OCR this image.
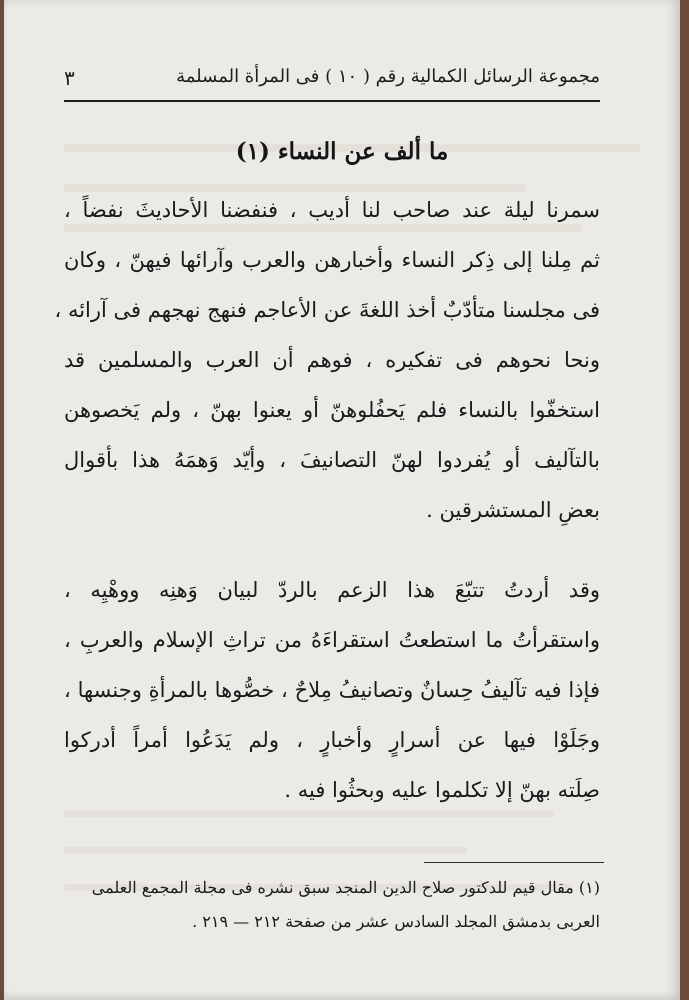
مجموعة الرسائل الكمالية رقم ( ١٠ ) فى المرأة المسلمة
٣
ما ألف عن النساء (١)
سمرنا ليلة عند صاحب لنا أديب ، فنفضنا الأحاديثَ نفضاً ،
ثم مِلنا إلى ذِكر النساء وأخبارهن والعرب وآرائها فيهنّ ، وكان
فى مجلسنا متأدّبٌ أخذ اللغةَ عن الأعاجم فنهج نهجهم فى آرائه ،
ونحا نحوهم فى تفكيره ، فوهم أن العرب والمسلمين قد
استخفّوا بالنساء فلم يَحفُلوهنّ أو يعنوا بهنّ ، ولم يَخصوهن
بالتآليف أو يُفردوا لهنّ التصانيفَ ، وأيّد وَهمَهُ هذا بأقوال
بعضِ المستشرقين .
وقد أردتُ تتبّعَ هذا الزعم بالردّ لبيان وَهنِه ووهْيِه ،
واستقرأتُ ما استطعتُ استقراءَهُ من تراثِ الإسلام والعربِ ،
فإذا فيه تآليفُ حِسانٌ وتصانيفُ مِلاحٌ ، خصُّوها بالمرأةِ وجنسها ،
وجَلَوْا فيها عن أسرارٍ وأخبارٍ ، ولم يَدَعُوا أمراً أدركوا
صِلَته بهنّ إلا تكلموا عليه وبحثُوا فيه .
(١) مقال قيم للدكتور صلاح الدين المنجد سبق نشره فى مجلة المجمع العلمى
العربى بدمشق المجلد السادس عشر من صفحة ٢١٢ — ٢١٩ .
